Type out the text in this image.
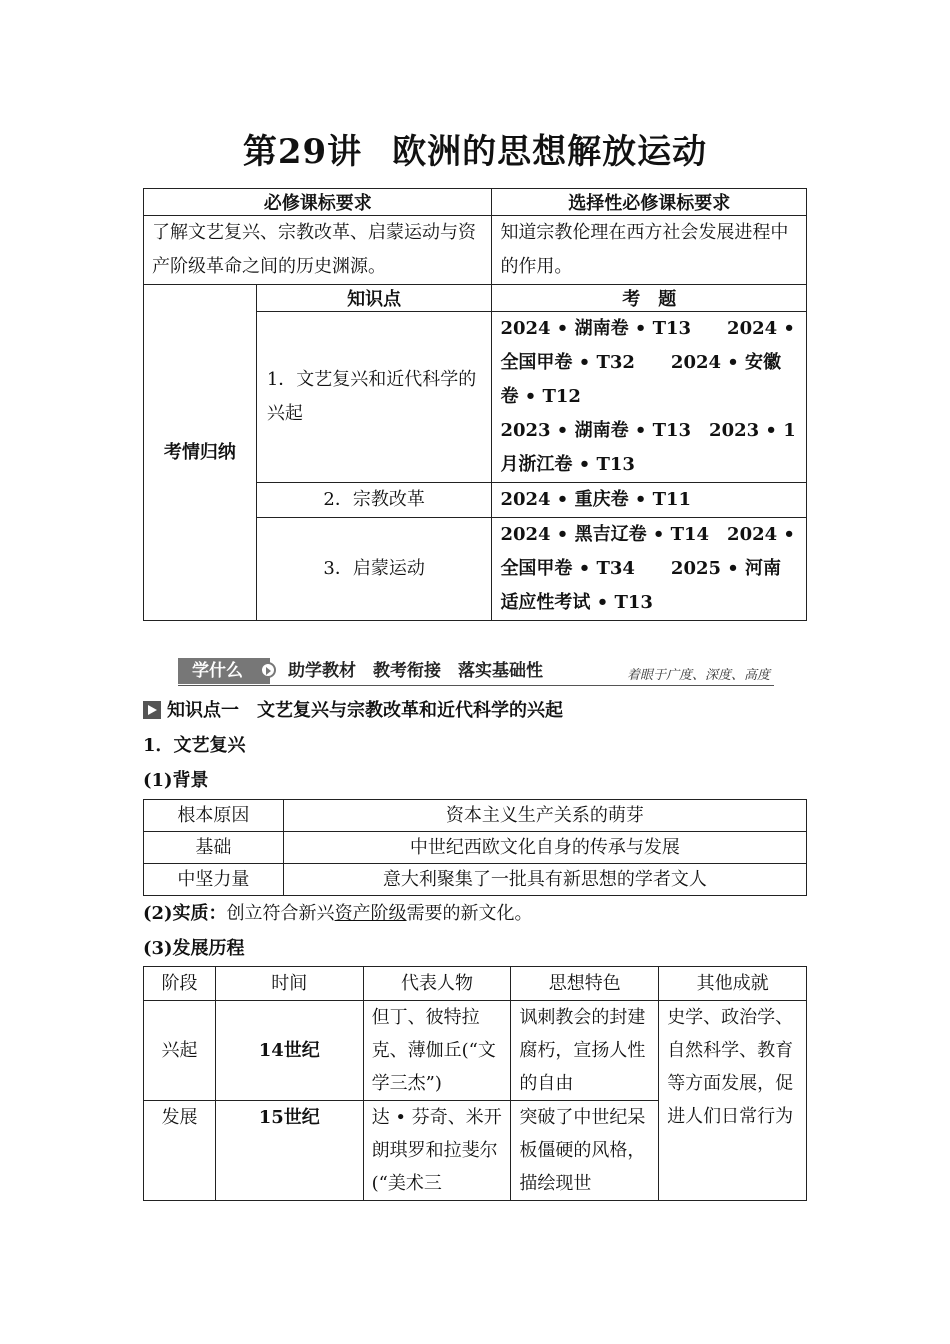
第29讲 欧洲的思想解放运动
必修课标要求		选择性必修课标要求
了解文艺复兴、宗教改革、启蒙运动与资产阶级革命之间的历史渊源。		知道宗教伦理在西方社会发展进程中的作用。
考情归纳	知识点	考　题
	1．文艺复兴和近代科学的兴起	2024 • 湖南卷 • T13　　2024 • 全国甲卷 • T32　　2024 • 安徽卷 • T12
2023 • 湖南卷 • T13　2023 • 1月浙江卷 • T13
	2．宗教改革	2024 • 重庆卷 • T11
	3．启蒙运动	2024 • 黑吉辽卷 • T14　2024 • 全国甲卷 • T34　　2025 • 河南适应性考试 • T13
学什么	助学教材　教考衔接　落实基础性	着眼于广度、深度、高度
知识点一　文艺复兴与宗教改革和近代科学的兴起
1．文艺复兴
(1)背景
根本原因	资本主义生产关系的萌芽
基础	中世纪西欧文化自身的传承与发展
中坚力量	意大利聚集了一批具有新思想的学者文人
(2)实质：创立符合新兴资产阶级需要的新文化。
(3)发展历程
阶段	时间	代表人物	思想特色	其他成就
兴起	14世纪	但丁、彼特拉克、薄伽丘(“文学三杰”)	讽刺教会的封建腐朽，宣扬人性的自由	史学、政治学、自然科学、教育等方面发展，促进人们日常行为
发展	15世纪	达 • 芬奇、米开朗琪罗和拉斐尔(“美术三	突破了中世纪呆板僵硬的风格，描绘现世	
